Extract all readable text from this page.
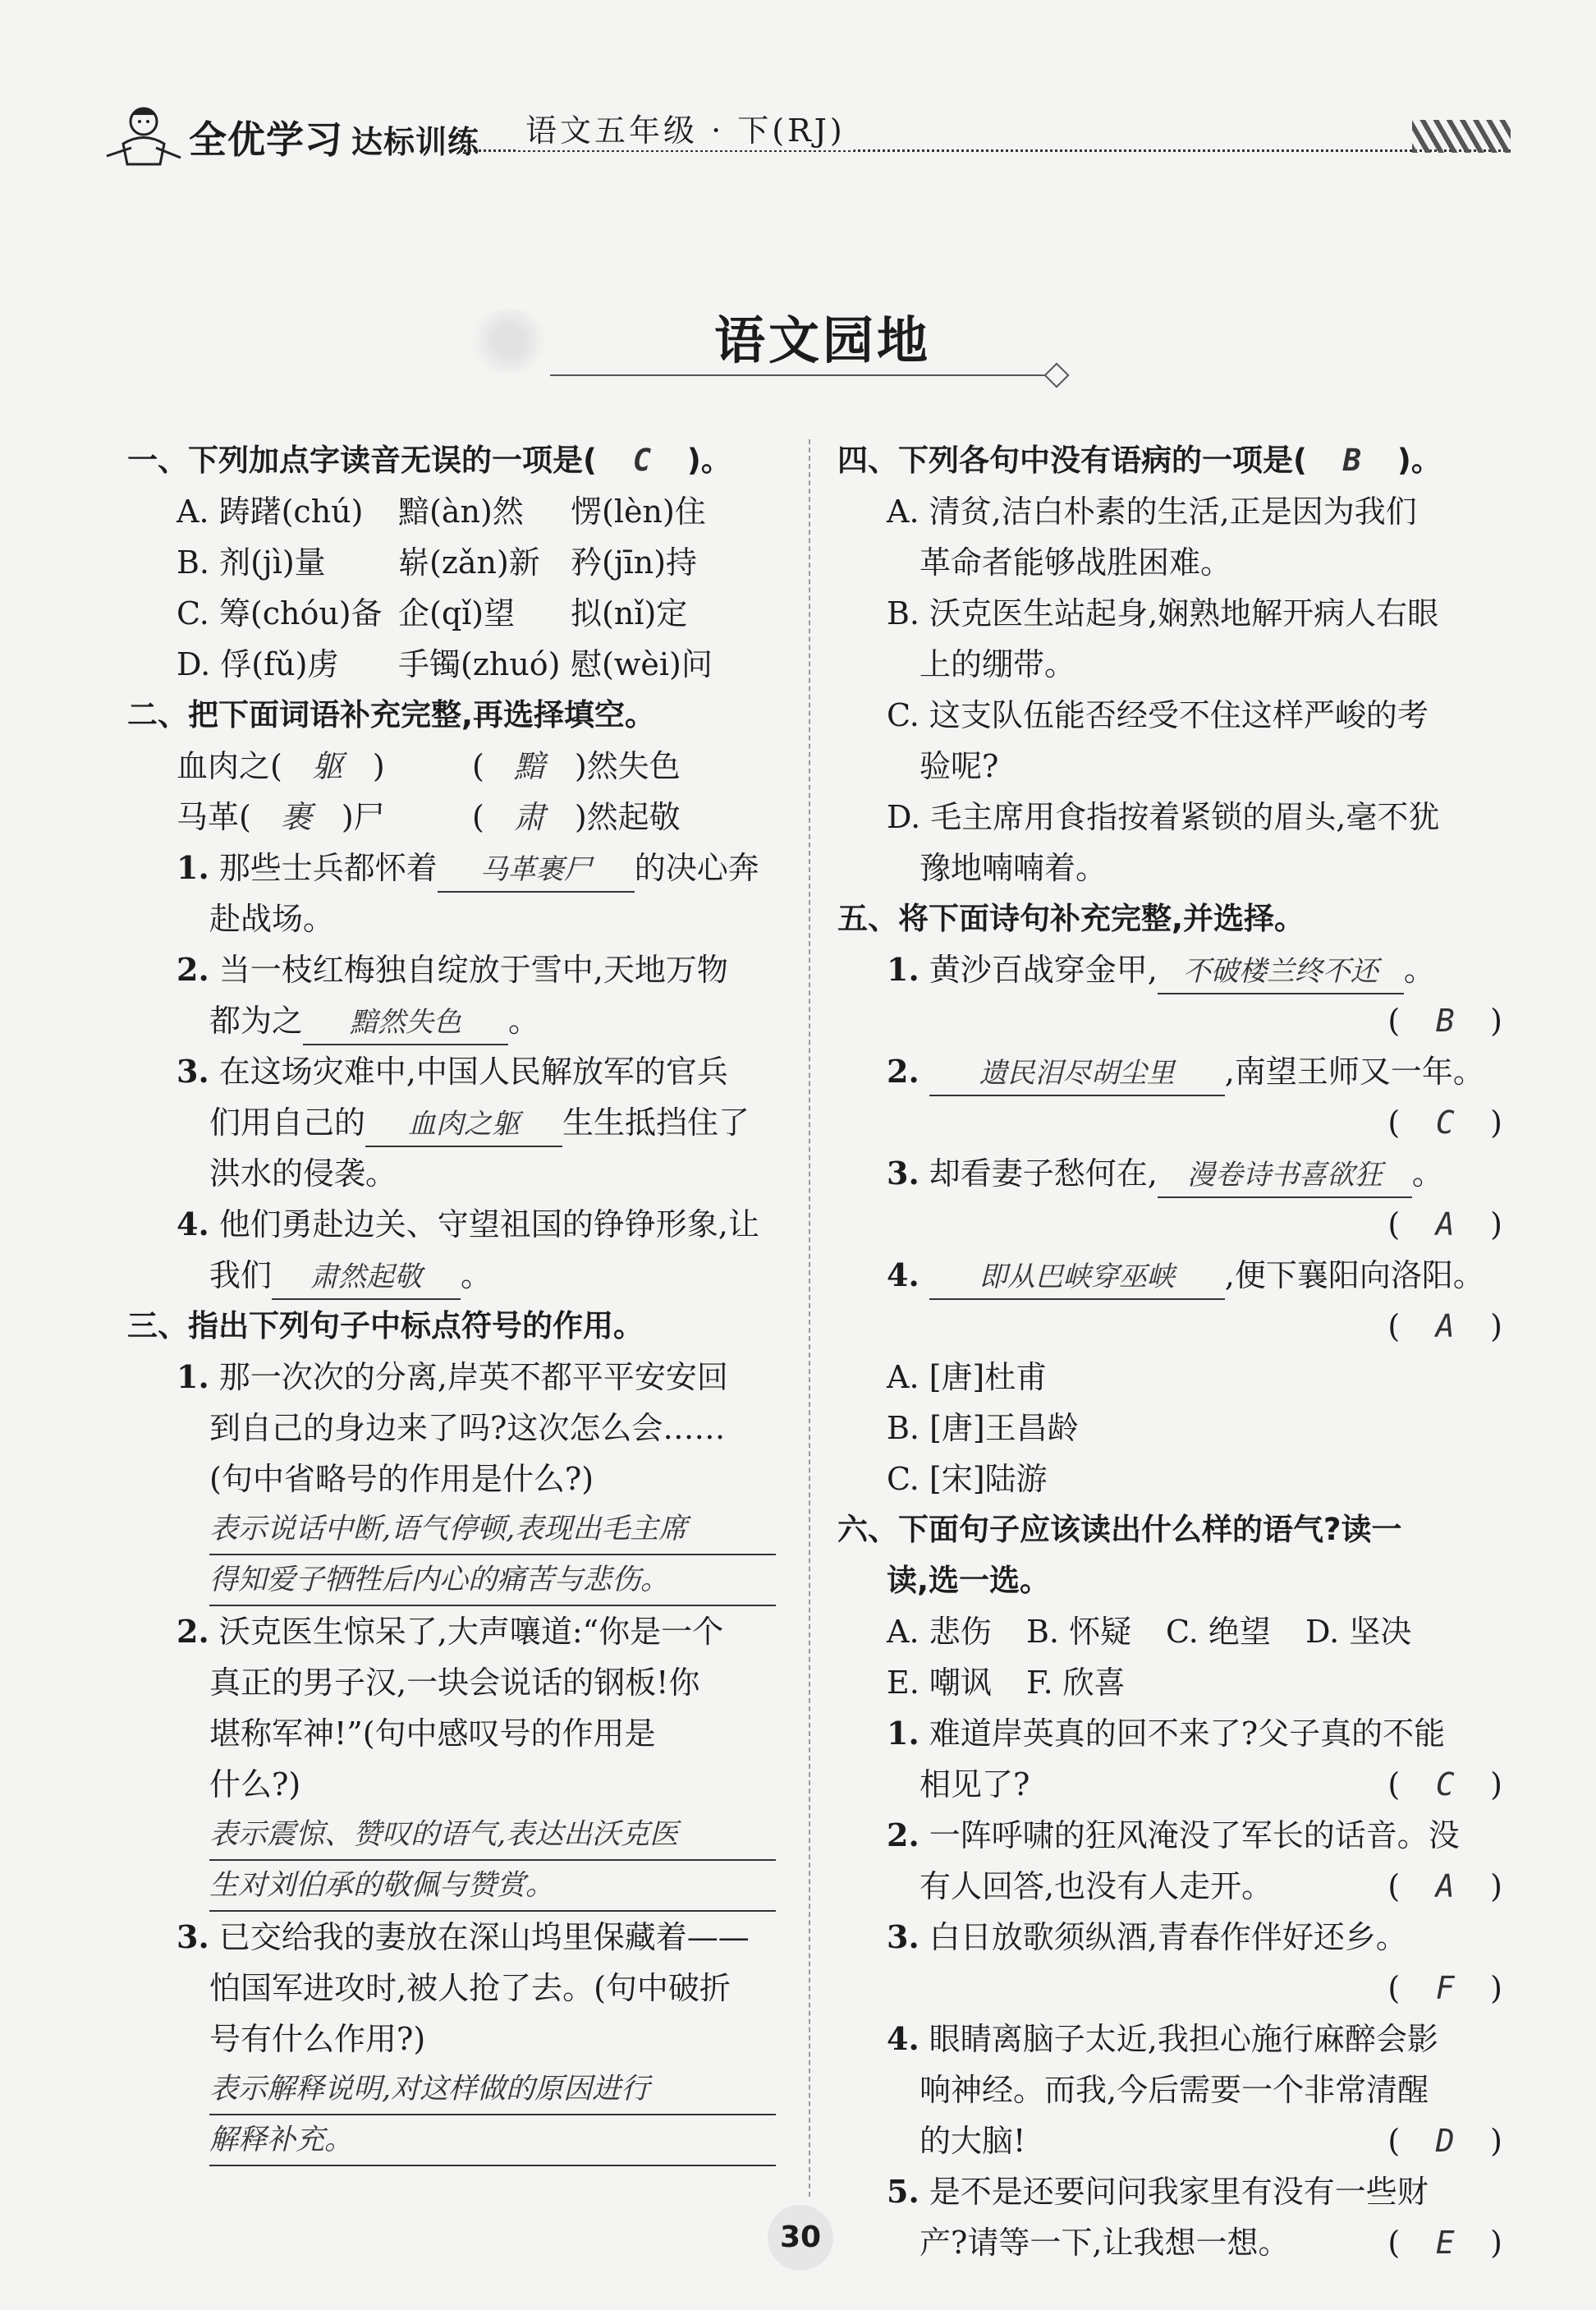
全优学习 达标训练 语文五年级 · 下(RJ)
语文园地

一、下列加点字读音无误的一项是( C )。

A. 踌躇(chú) 黯(àn)然 愣(lèn)住
B. 剂(jì)量 崭(zǎn)新 矜(jīn)持
C. 筹(chóu)备 企(qǐ)望 拟(nǐ)定
D. 俘(fǔ)虏 手镯(zhuó) 慰(wèi)问

二、把下面词语补充完整,再选择填空。

血肉之( 躯 )	( 黯 )然失色
马革( 裹 )尸	( 肃 )然起敬
1. 那些士兵都怀着 马革裹尸 的决心奔
赴战场。
2. 当一枝红梅独自绽放于雪中,天地万物
都为之 黯然失色 。
3. 在这场灾难中,中国人民解放军的官兵
们用自己的 血肉之躯 生生抵挡住了
洪水的侵袭。
4. 他们勇赴边关、守望祖国的铮铮形象,让
我们 肃然起敬 。

三、指出下列句子中标点符号的作用。

1. 那一次次的分离,岸英不都平平安安回
到自己的身边来了吗?这次怎么会……
(句中省略号的作用是什么?)
表示说话中断,语气停顿,表现出毛主席
得知爱子牺牲后内心的痛苦与悲伤。
2. 沃克医生惊呆了,大声嚷道:“你是一个
真正的男子汉,一块会说话的钢板!你
堪称军神!”(句中感叹号的作用是
什么?)
表示震惊、赞叹的语气,表达出沃克医
生对刘伯承的敬佩与赞赏。
3. 已交给我的妻放在深山坞里保藏着——
怕国军进攻时,被人抢了去。(句中破折
号有什么作用?)
表示解释说明,对这样做的原因进行
解释补充。

四、下列各句中没有语病的一项是( B )。

A. 清贫,洁白朴素的生活,正是因为我们
革命者能够战胜困难。
B. 沃克医生站起身,娴熟地解开病人右眼
上的绷带。
C. 这支队伍能否经受不住这样严峻的考
验呢?
D. 毛主席用食指按着紧锁的眉头,毫不犹
豫地喃喃着。

五、将下面诗句补充完整,并选择。

1. 黄沙百战穿金甲, 不破楼兰终不还 。
( B )
2. 遗民泪尽胡尘里 ,南望王师又一年。
( C )
3. 却看妻子愁何在, 漫卷诗书喜欲狂 。
( A )
4. 即从巴峡穿巫峡 ,便下襄阳向洛阳。
( A )
A. [唐]杜甫
B. [唐]王昌龄
C. [宋]陆游

六、下面句子应该读出什么样的语气?读一

读,选一选。

A. 悲伤 B. 怀疑 C. 绝望 D. 坚决
E. 嘲讽 F. 欣喜
1. 难道岸英真的回不来了?父子真的不能
相见了?	( C )
2. 一阵呼啸的狂风淹没了军长的话音。没
有人回答,也没有人走开。	( A )
3. 白日放歌须纵酒,青春作伴好还乡。
( F )
4. 眼睛离脑子太近,我担心施行麻醉会影
响神经。而我,今后需要一个非常清醒
的大脑!	( D )
5. 是不是还要问问我家里有没有一些财
产?请等一下,让我想一想。	( E )
30
